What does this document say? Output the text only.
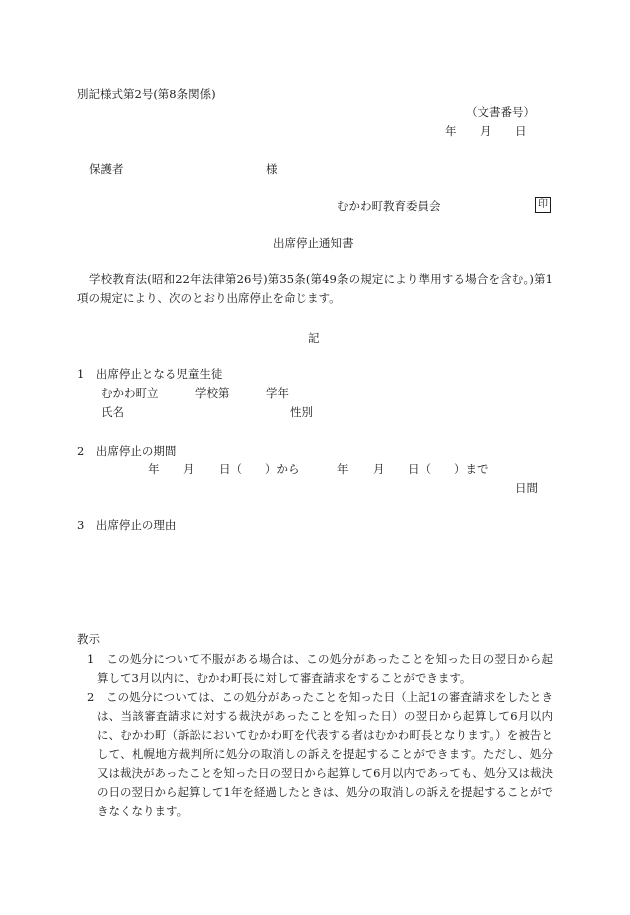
別記様式第2号(第8条関係)
（文書番号）
年 月 日
保護者	様
むかわ町教育委員会	印
出席停止通知書
学校教育法(昭和22年法律第26号)第35条(第49条の規定により準用する場合を含む。)第1項の規定により、次のとおり出席停止を命じます。
記
1　出席停止となる児童生徒
むかわ町立	学校第	学年
氏名	性別
2　出席停止の期間
年 月 日（　　）から	年 月 日（　　）まで
日間
3　出席停止の理由
教示
1　この処分について不服がある場合は、この処分があったことを知った日の翌日から起算して3月以内に、むかわ町長に対して審査請求をすることができます。
2　この処分については、この処分があったことを知った日（上記1の審査請求をしたときは、当該審査請求に対する裁決があったことを知った日）の翌日から起算して6月以内に、むかわ町（訴訟においてむかわ町を代表する者はむかわ町長となります。）を被告として、札幌地方裁判所に処分の取消しの訴えを提起することができます。ただし、処分又は裁決があったことを知った日の翌日から起算して6月以内であっても、処分又は裁決の日の翌日から起算して1年を経過したときは、処分の取消しの訴えを提起することができなくなります。
